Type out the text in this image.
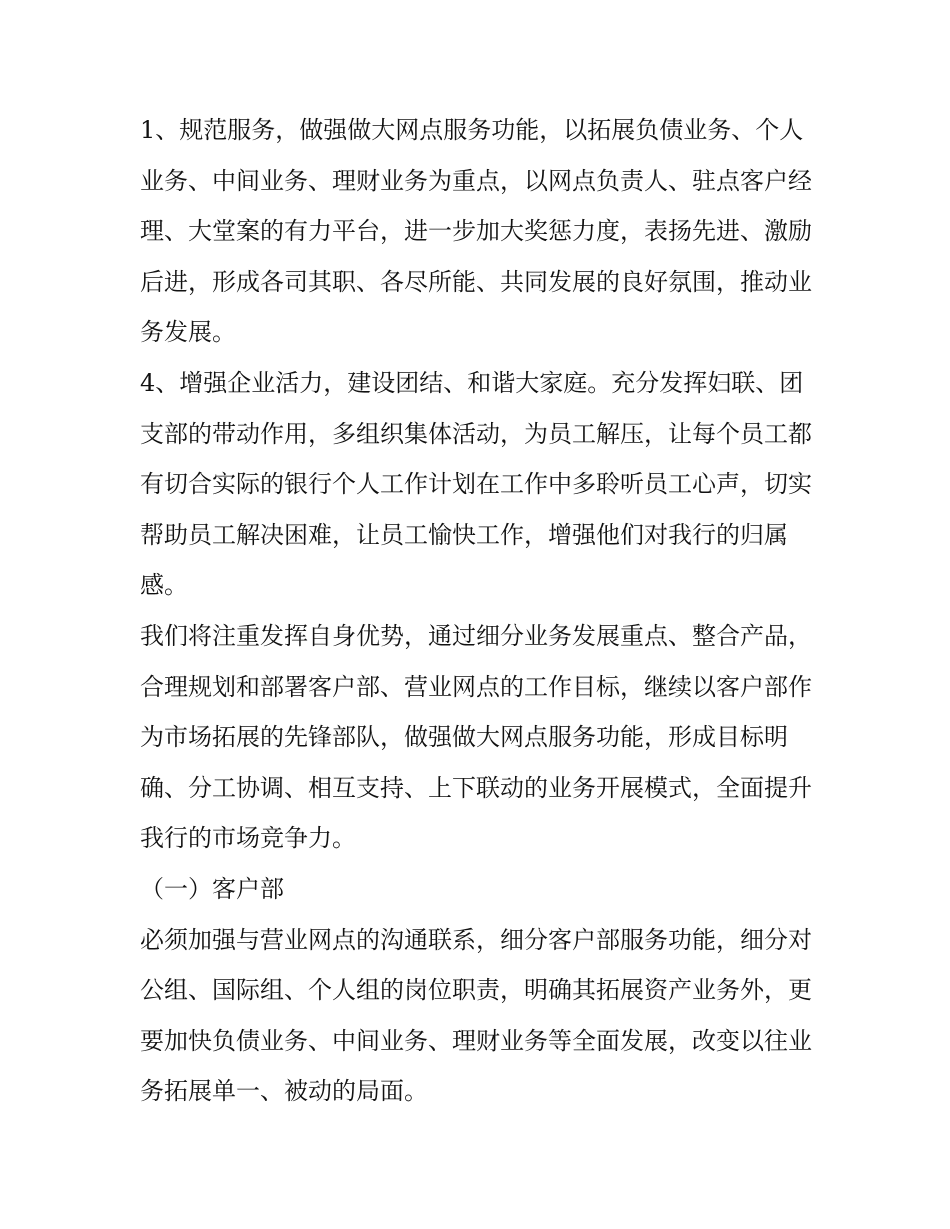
1、规范服务，做强做大网点服务功能，以拓展负债业务、个人业务、中间业务、理财业务为重点，以网点负责人、驻点客户经理、大堂案的有力平台，进一步加大奖惩力度，表扬先进、激励后进，形成各司其职、各尽所能、共同发展的良好氛围，推动业务发展。

4、增强企业活力，建设团结、和谐大家庭。充分发挥妇联、团支部的带动作用，多组织集体活动，为员工解压，让每个员工都有切合实际的银行个人工作计划在工作中多聆听员工心声，切实帮助员工解决困难，让员工愉快工作，增强他们对我行的归属感。

我们将注重发挥自身优势，通过细分业务发展重点、整合产品，合理规划和部署客户部、营业网点的工作目标，继续以客户部作为市场拓展的先锋部队，做强做大网点服务功能，形成目标明确、分工协调、相互支持、上下联动的业务开展模式，全面提升我行的市场竞争力。

（一）客户部

必须加强与营业网点的沟通联系，细分客户部服务功能，细分对公组、国际组、个人组的岗位职责，明确其拓展资产业务外，更要加快负债业务、中间业务、理财业务等全面发展，改变以往业务拓展单一、被动的局面。
